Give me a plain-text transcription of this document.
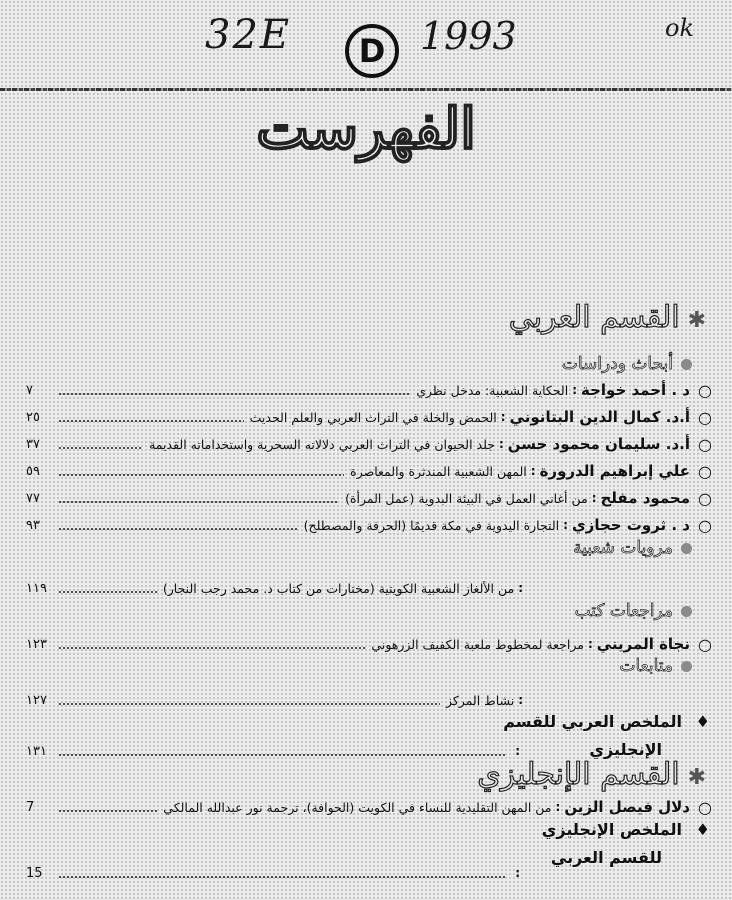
32E D 1993	ok
الفهرست
✱القسم العربي
أبحاث ودراسات
○
د . أحمد خواجة
:
الحكاية الشعبية: مدخل نظري
٧
○
أ.د. كمال الدين البتانوني
:
الحمض والخلة في التراث العربي والعلم الحديث
٢٥
○
أ.د. سليمان محمود حسن
:
جلد الحيوان في التراث العربي دلالاته السحرية واستخداماته القديمة
٣٧
○
علي إبراهيم الدرورة
:
المهن الشعبية المندثرة والمعاصرة
٥٩
○
محمود مفلح
:
من أغاني العمل في البيئة البدوية (عمل المرأة)
٧٧
○
د . ثروت حجازي
:
التجارة اليدوية في مكة قديمًا (الحرفة والمصطلح)
٩٣
مرويات شعبية
:
من الألغاز الشعبية الكويتية (مختارات من كتاب د. محمد رجب النجار)
١١٩
مراجعات كتب
○
نجاة المريني
:
مراجعة لمخطوط ملعبة الكفيف الزرهوني
١٢٣
متابعات
:
نشاط المركز
١٢٧
♦
الملخص العربي للقسم
الإنجليزي
:
١٣١
✱القسم الإنجليزي
○
دلال فيصل الزين
:
من المهن التقليدية للنساء في الكويت (الحوافة)، ترجمة نور عبدالله المالكي
7
♦
الملخص الإنجليزي
للقسم العربي
:
15
